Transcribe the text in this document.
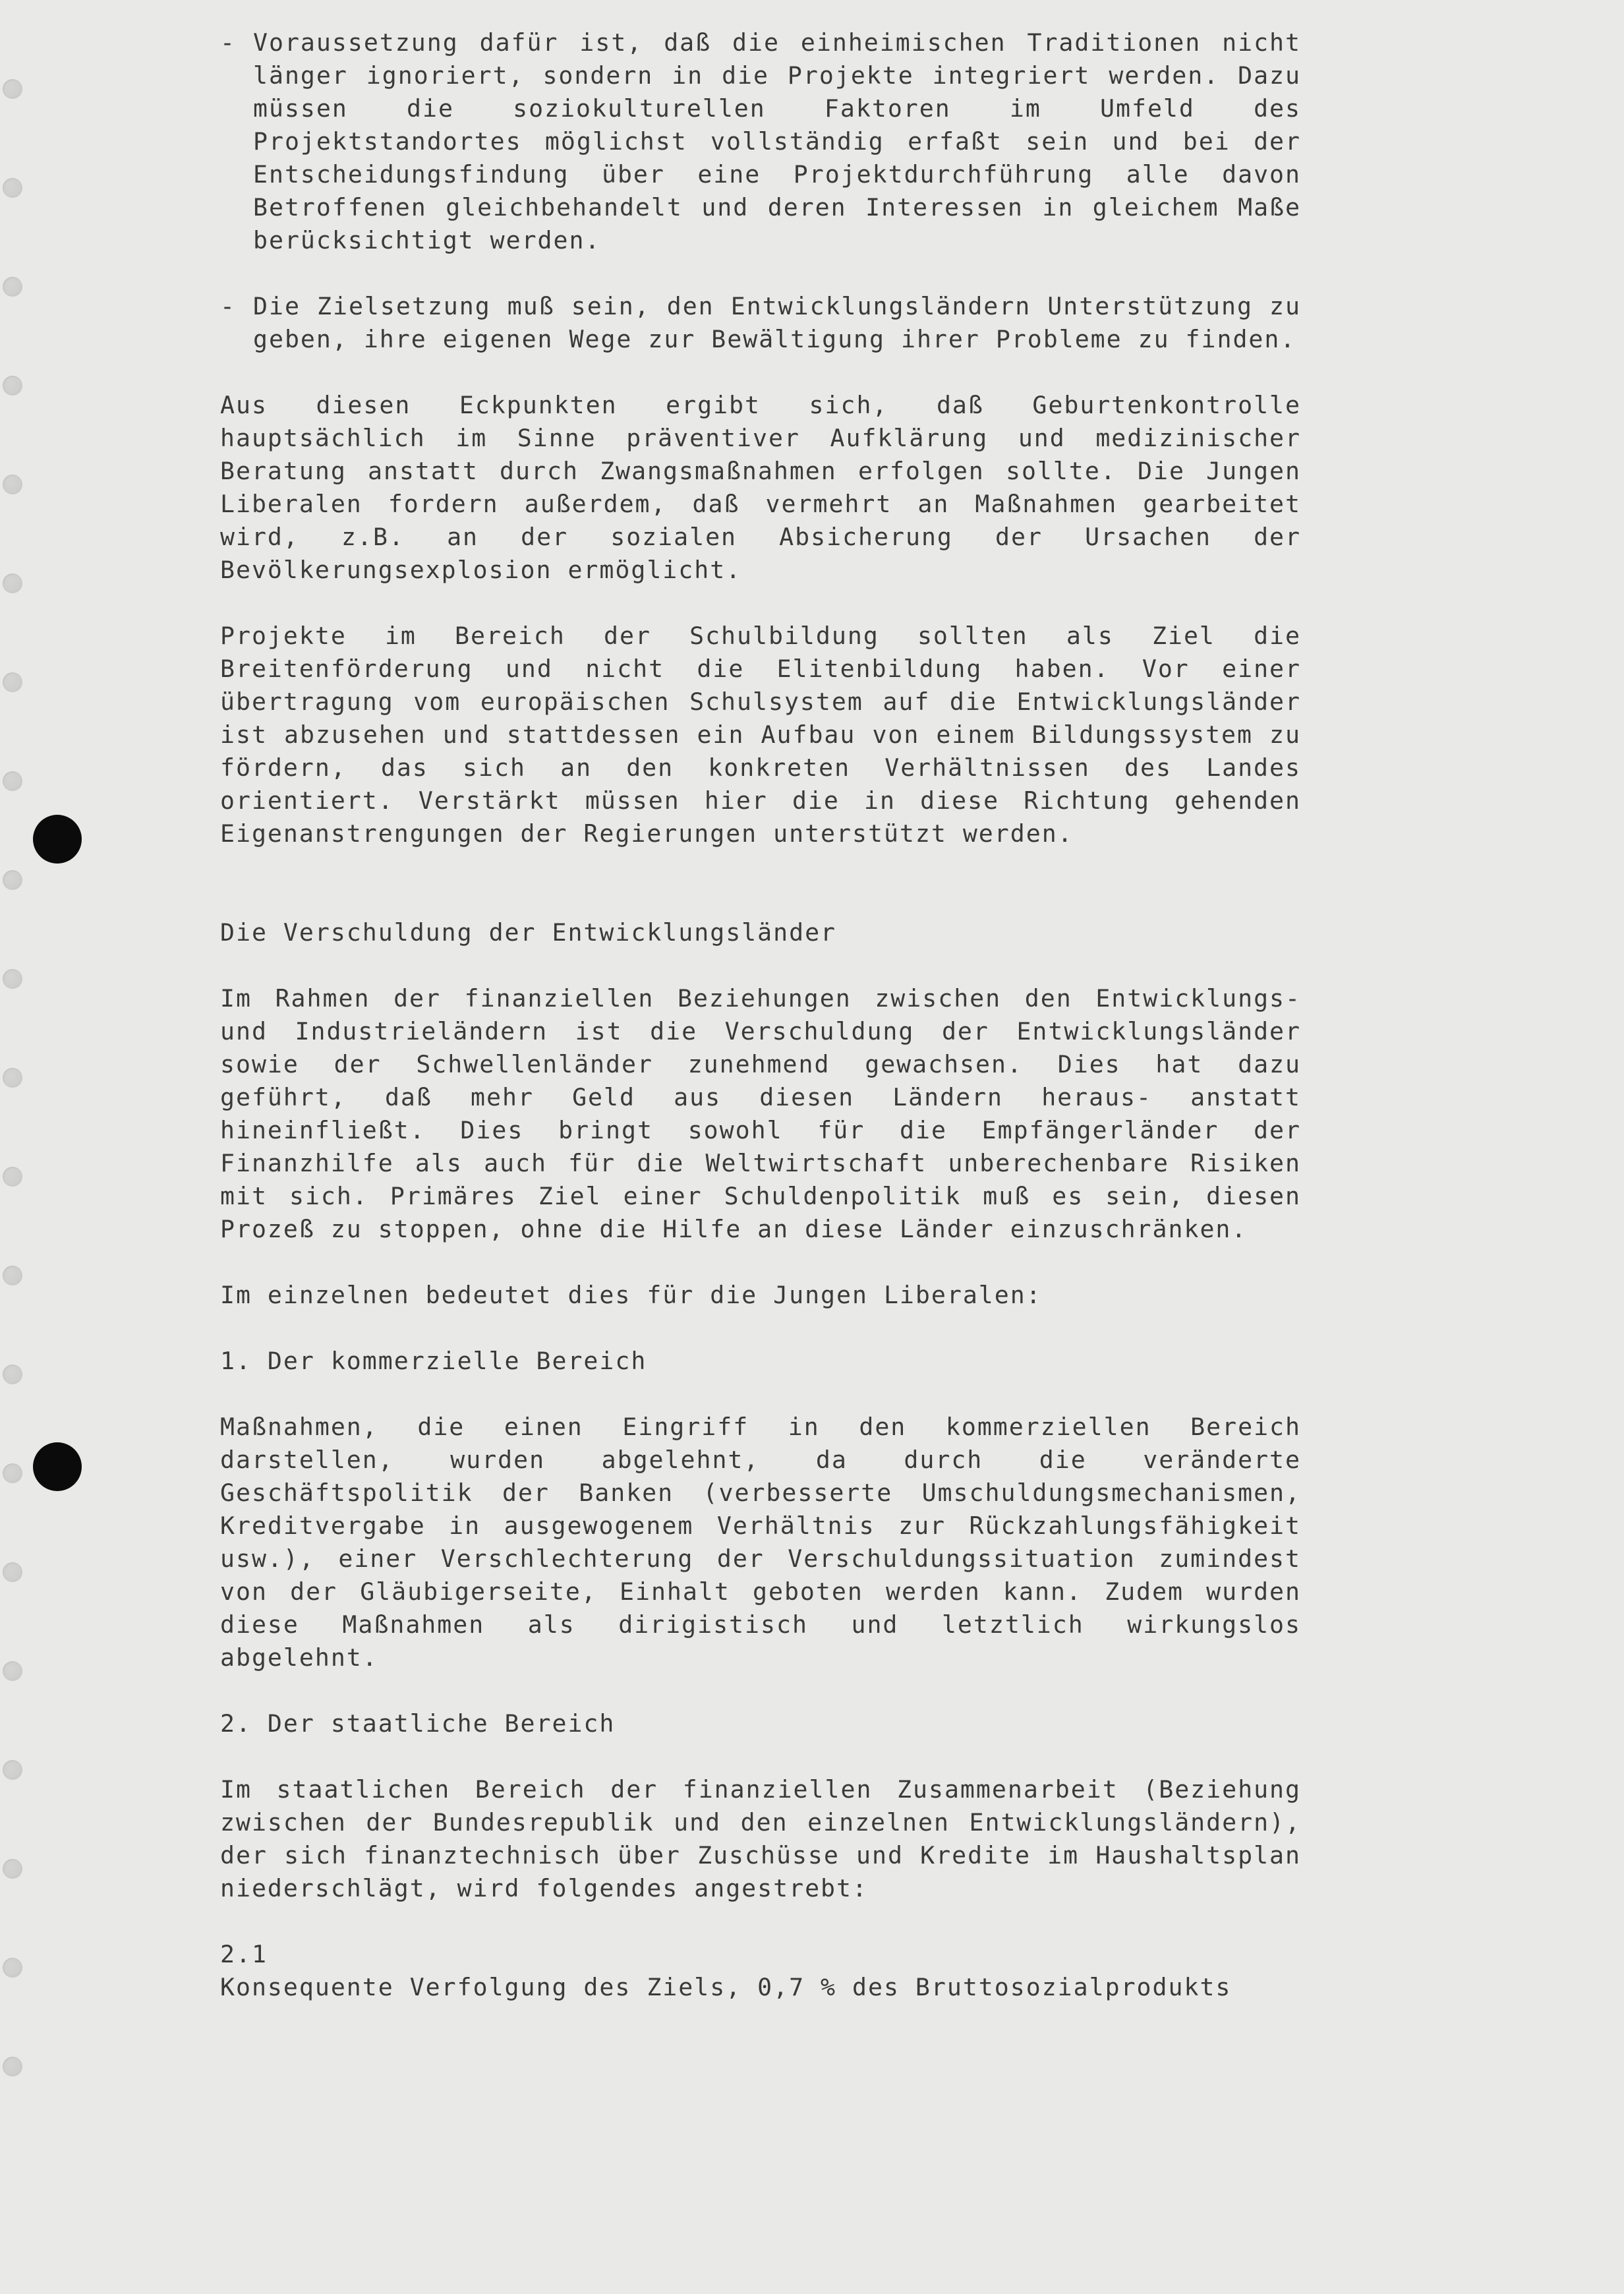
- Voraussetzung dafür ist, daß die einheimischen Traditionen nicht länger ignoriert, sondern in die Projekte integriert werden. Dazu müssen die soziokulturellen Faktoren im Umfeld des Projektstandortes möglichst vollständig erfaßt sein und bei der Entscheidungsfindung über eine Projektdurchführung alle davon Betroffenen gleichbehandelt und deren Interessen in gleichem Maße berücksichtigt werden.
- Die Zielsetzung muß sein, den Entwicklungsländern Unterstützung zu geben, ihre eigenen Wege zur Bewältigung ihrer Probleme zu finden.

Aus diesen Eckpunkten ergibt sich, daß Geburtenkontrolle hauptsächlich im Sinne präventiver Aufklärung und medizinischer Beratung anstatt durch Zwangsmaßnahmen erfolgen sollte. Die Jungen Liberalen fordern außerdem, daß vermehrt an Maßnahmen gearbeitet wird, z.B. an der sozialen Absicherung der Ursachen der Bevölkerungsexplosion ermöglicht.

Projekte im Bereich der Schulbildung sollten als Ziel die Breitenförderung und nicht die Elitenbildung haben. Vor einer übertragung vom europäischen Schulsystem auf die Entwicklungsländer ist abzusehen und stattdessen ein Aufbau von einem Bildungssystem zu fördern, das sich an den konkreten Verhältnissen des Landes orientiert. Verstärkt müssen hier die in diese Richtung gehenden Eigenanstrengungen der Regierungen unterstützt werden.

Die Verschuldung der Entwicklungsländer

Im Rahmen der finanziellen Beziehungen zwischen den Entwicklungs- und Industrieländern ist die Verschuldung der Entwicklungsländer sowie der Schwellenländer zunehmend gewachsen. Dies hat dazu geführt, daß mehr Geld aus diesen Ländern heraus- anstatt hineinfließt. Dies bringt sowohl für die Empfängerländer der Finanzhilfe als auch für die Weltwirtschaft unberechenbare Risiken mit sich. Primäres Ziel einer Schuldenpolitik muß es sein, diesen Prozeß zu stoppen, ohne die Hilfe an diese Länder einzuschränken.

Im einzelnen bedeutet dies für die Jungen Liberalen:

1. Der kommerzielle Bereich

Maßnahmen, die einen Eingriff in den kommerziellen Bereich darstellen, wurden abgelehnt, da durch die veränderte Geschäftspolitik der Banken (verbesserte Umschuldungsmechanismen, Kreditvergabe in ausgewogenem Verhältnis zur Rückzahlungsfähigkeit usw.), einer Verschlechterung der Verschuldungssituation zumindest von der Gläubigerseite, Einhalt geboten werden kann. Zudem wurden diese Maßnahmen als dirigistisch und letztlich wirkungslos abgelehnt.

2. Der staatliche Bereich

Im staatlichen Bereich der finanziellen Zusammenarbeit (Beziehung zwischen der Bundesrepublik und den einzelnen Entwicklungsländern), der sich finanztechnisch über Zuschüsse und Kredite im Haushaltsplan niederschlägt, wird folgendes angestrebt:

2.1

Konsequente Verfolgung des Ziels, 0,7 % des Bruttosozialprodukts
